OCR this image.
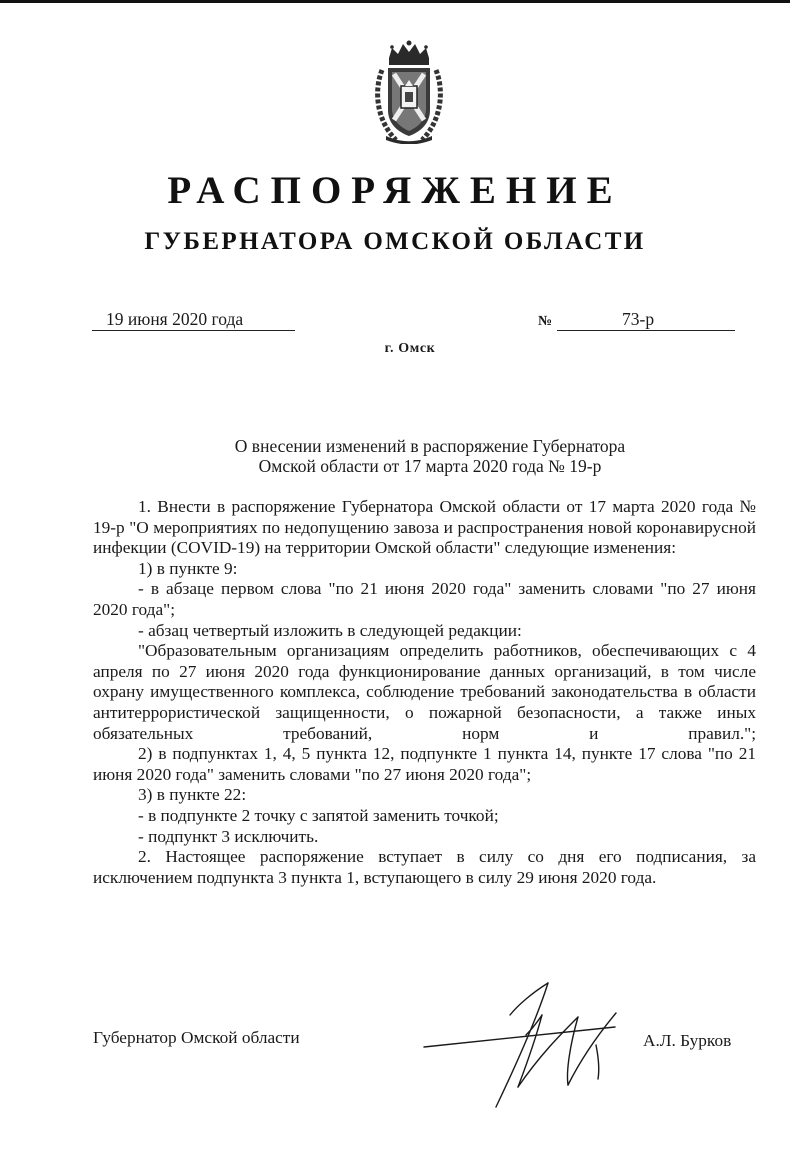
РАСПОРЯЖЕНИЕ
ГУБЕРНАТОРА ОМСКОЙ ОБЛАСТИ
19 июня 2020 года	№	73-р
г. Омск
О внесении изменений в распоряжение Губернатора
Омской области от 17 марта 2020 года № 19-р

1. Внести в распоряжение Губернатора Омской области от 17 марта 2020 года № 19-р "О мероприятиях по недопущению завоза и распространения новой коронавирусной инфекции (COVID-19) на территории Омской области" следующие изменения:

1) в пункте 9:

- в абзаце первом слова "по 21 июня 2020 года" заменить словами "по 27 июня 2020 года";

- абзац четвертый изложить в следующей редакции:

"Образовательным организациям определить работников, обеспечивающих с 4 апреля по 27 июня 2020 года функционирование данных организаций, в том числе охрану имущественного комплекса, соблюдение требований законодательства в области антитеррористической защищенности, о пожарной безопасности, а также иных обязательных требований, норм и правил.";

2) в подпунктах 1, 4, 5 пункта 12, подпункте 1 пункта 14, пункте 17 слова "по 21 июня 2020 года" заменить словами "по 27 июня 2020 года";

3) в пункте 22:

- в подпункте 2 точку с запятой заменить точкой;

- подпункт 3 исключить.

2. Настоящее распоряжение вступает в силу со дня его подписания, за исключением подпункта 3 пункта 1, вступающего в силу 29 июня 2020 года.

Губернатор Омской области	А.Л. Бурков
